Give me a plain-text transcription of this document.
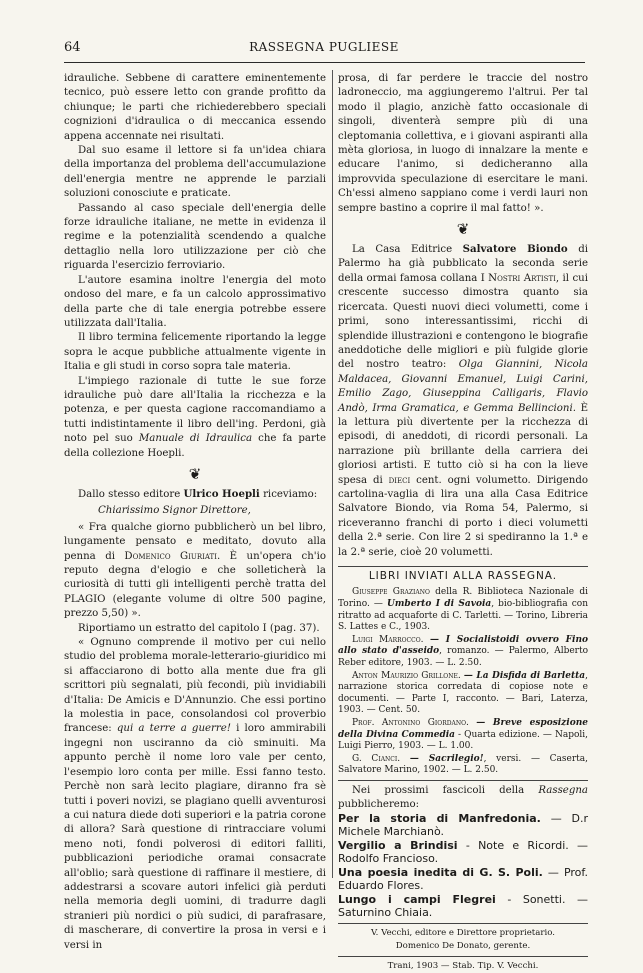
64	RASSEGNA PUGLIESE

idrauliche. Sebbene di carattere eminentemente tecnico, può essere letto con grande profitto da chiunque; le parti che richiederebbero speciali cognizioni d'idraulica o di meccanica essendo appena accennate nei risultati.

Dal suo esame il lettore si fa un'idea chiara della importanza del problema dell'accumulazione dell'energia mentre ne apprende le parziali soluzioni conosciute e praticate.

Passando al caso speciale dell'energia delle forze idrauliche italiane, ne mette in evidenza il regime e la potenzialità scendendo a qualche dettaglio nella loro utilizzazione per ciò che riguarda l'esercizio ferroviario.

L'autore esamina inoltre l'energia del moto ondoso del mare, e fa un calcolo approssimativo della parte che di tale energia potrebbe essere utilizzata dall'Italia.

Il libro termina felicemente riportando la legge sopra le acque pubbliche attualmente vigente in Italia e gli studi in corso sopra tale materia.

L'impiego razionale di tutte le sue forze idrauliche può dare all'Italia la ricchezza e la potenza, e per questa cagione raccomandiamo a tutti indistintamente il libro dell'ing. Perdoni, già noto pel suo Manuale di Idraulica che fa parte della collezione Hoepli.

❦

Dallo stesso editore Ulrico Hoepli riceviamo:

Chiarissimo Signor Direttore,

« Fra qualche giorno pubblicherò un bel libro, lungamente pensato e meditato, dovuto alla penna di Domenico Giuriati. È un'opera ch'io reputo degna d'elogio e che solleticherà la curiosità di tutti gli intelligenti perchè tratta del PLAGIO (elegante volume di oltre 500 pagine, prezzo 5,50) ».

Riportiamo un estratto del capitolo I (pag. 37).

« Ognuno comprende il motivo per cui nello studio del problema morale-letterario-giuridico mi si affacciarono di botto alla mente due fra gli scrittori più segnalati, più fecondi, più invidiabili d'Italia: De Amicis e D'Annunzio. Che essi portino la molestia in pace, consolandosi col proverbio francese: qui a terre a guerre! i loro ammirabili ingegni non usciranno da ciò sminuiti. Ma appunto perchè il nome loro vale per cento, l'esempio loro conta per mille. Essi fanno testo. Perchè non sarà lecito plagiare, diranno fra sè tutti i poveri novizi, se plagiano quelli avventurosi a cui natura diede doti superiori e la patria corone di allora? Sarà questione di rintracciare volumi meno noti, fondi polverosi di editori falliti, pubblicazioni periodiche oramai consacrate all'oblio; sarà questione di raffinare il mestiere, di addestrarsi a scovare autori infelici già perduti nella memoria degli uomini, di tradurre dagli stranieri più nordici o più sudici, di parafrasare, di mascherare, di convertire la prosa in versi e i versi in

prosa, di far perdere le traccie del nostro ladroneccio, ma aggiungeremo l'altrui. Per tal modo il plagio, anzichè fatto occasionale di singoli, diventerà sempre più di una cleptomania collettiva, e i giovani aspiranti alla mèta gloriosa, in luogo di innalzare la mente e educare l'animo, si dedicheranno alla improvvida speculazione di esercitare le mani. Ch'essi almeno sappiano come i verdi lauri non sempre bastino a coprire il mal fatto! ».

❦

La Casa Editrice Salvatore Biondo di Palermo ha già pubblicato la seconda serie della ormai famosa collana I Nostri Artisti, il cui crescente successo dimostra quanto sia ricercata. Questi nuovi dieci volumetti, come i primi, sono interessantissimi, ricchi di splendide illustrazioni e contengono le biografie aneddotiche delle migliori e più fulgide glorie del nostro teatro: Olga Giannini, Nicola Maldacea, Giovanni Emanuel, Luigi Carini, Emilio Zago, Giuseppina Calligaris, Flavio Andò, Irma Gramatica, e Gemma Bellincioni. È la lettura più divertente per la ricchezza di episodi, di aneddoti, di ricordi personali. La narrazione più brillante della carriera dei gloriosi artisti. E tutto ciò si ha con la lieve spesa di dieci cent. ogni volumetto. Dirigendo cartolina-vaglia di lira una alla Casa Editrice Salvatore Biondo, via Roma 54, Palermo, si riceveranno franchi di porto i dieci volumetti della 2.ª serie. Con lire 2 si spediranno la 1.ª e la 2.ª serie, cioè 20 volumetti.

LIBRI INVIATI ALLA RASSEGNA.

Giuseppe Graziano della R. Biblioteca Nazionale di Torino. — Umberto I di Savoia, bio-bibliografia con ritratto ad acquaforte di C. Tarletti. — Torino, Libreria S. Lattes e C., 1903.

Luigi Marrocco. — I Socialistoidi ovvero Fino allo stato d'asseido, romanzo. — Palermo, Alberto Reber editore, 1903. — L. 2.50.

Anton Maurizio Grillone. — La Disfida di Barletta, narrazione storica corredata di copiose note e documenti. — Parte I, racconto. — Bari, Laterza, 1903. — Cent. 50.

Prof. Antonino Giordano. — Breve esposizione della Divina Commedia - Quarta edizione. — Napoli, Luigi Pierro, 1903. — L. 1.00.

G. Cianci. — Sacrilegio!, versi. — Caserta, Salvatore Marino, 1902. — L. 2.50.

Nei prossimi fascicoli della Rassegna pubblicheremo:

Per la storia di Manfredonia. — D.r Michele Marchianò.

Vergilio a Brindisi - Note e Ricordi. — Rodolfo Francioso.

Una poesia inedita di G. S. Poli. — Prof. Eduardo Flores.

Lungo i campi Flegrei - Sonetti. — Saturnino Chiaia.

V. Vecchi, editore e Direttore proprietario.

Domenico De Donato, gerente.

Trani, 1903 — Stab. Tip. V. Vecchi.
